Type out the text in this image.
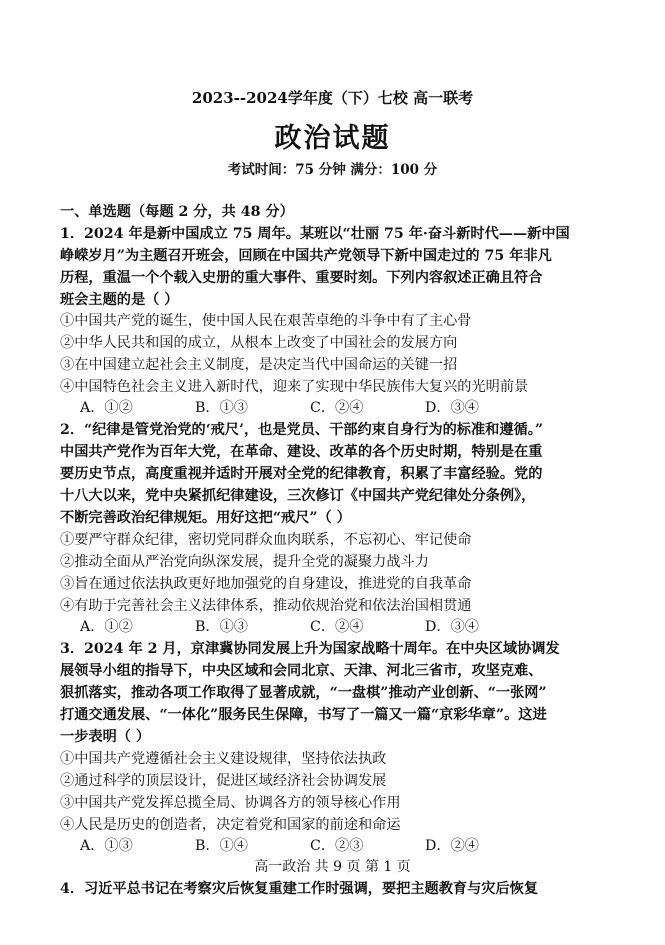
2023--2024学年度（下）七校 高一联考
政治试题
考试时间：75 分钟 满分：100 分
一、单选题（每题 2 分，共 48 分）
1．2024 年是新中国成立 75 周年。某班以“壮丽 75 年·奋斗新时代——新中国
峥嵘岁月”为主题召开班会，回顾在中国共产党领导下新中国走过的 75 年非凡
历程，重温一个个载入史册的重大事件、重要时刻。下列内容叙述正确且符合
班会主题的是（ ）
①中国共产党的诞生，使中国人民在艰苦卓绝的斗争中有了主心骨
②中华人民共和国的成立，从根本上改变了中国社会的发展方向
③在中国建立起社会主义制度，是决定当代中国命运的关键一招
④中国特色社会主义进入新时代，迎来了实现中华民族伟大复兴的光明前景
A．①②	B．①③	C．②④	D．③④
2．“纪律是管党治党的‘戒尺’，也是党员、干部约束自身行为的标准和遵循。”
中国共产党作为百年大党，在革命、建设、改革的各个历史时期，特别是在重
要历史节点，高度重视并适时开展对全党的纪律教育，积累了丰富经验。党的
十八大以来，党中央紧抓纪律建设，三次修订《中国共产党纪律处分条例》，
不断完善政治纪律规矩。用好这把“戒尺”（ ）
①要严守群众纪律，密切党同群众血肉联系，不忘初心、牢记使命
②推动全面从严治党向纵深发展，提升全党的凝聚力战斗力
③旨在通过依法执政更好地加强党的自身建设，推进党的自我革命
④有助于完善社会主义法律体系，推动依规治党和依法治国相贯通
A．①②	B．①③	C．②④	D．③④
3．2024 年 2 月，京津冀协同发展上升为国家战略十周年。在中央区域协调发
展领导小组的指导下，中央区域和会同北京、天津、河北三省市，攻坚克难、
狠抓落实，推动各项工作取得了显著成就，“一盘棋”推动产业创新、“一张网”
打通交通发展、“一体化”服务民生保障，书写了一篇又一篇“京彩华章”。这进
一步表明（ ）
①中国共产党遵循社会主义建设规律，坚持依法执政
②通过科学的顶层设计，促进区域经济社会协调发展
③中国共产党发挥总揽全局、协调各方的领导核心作用
④人民是历史的创造者，决定着党和国家的前途和命运
A．①③	B．①④	C．②③	D．②④
高一政治 共 9 页 第 1 页
4．习近平总书记在考察灾后恢复重建工作时强调，要把主题教育与灾后恢复
